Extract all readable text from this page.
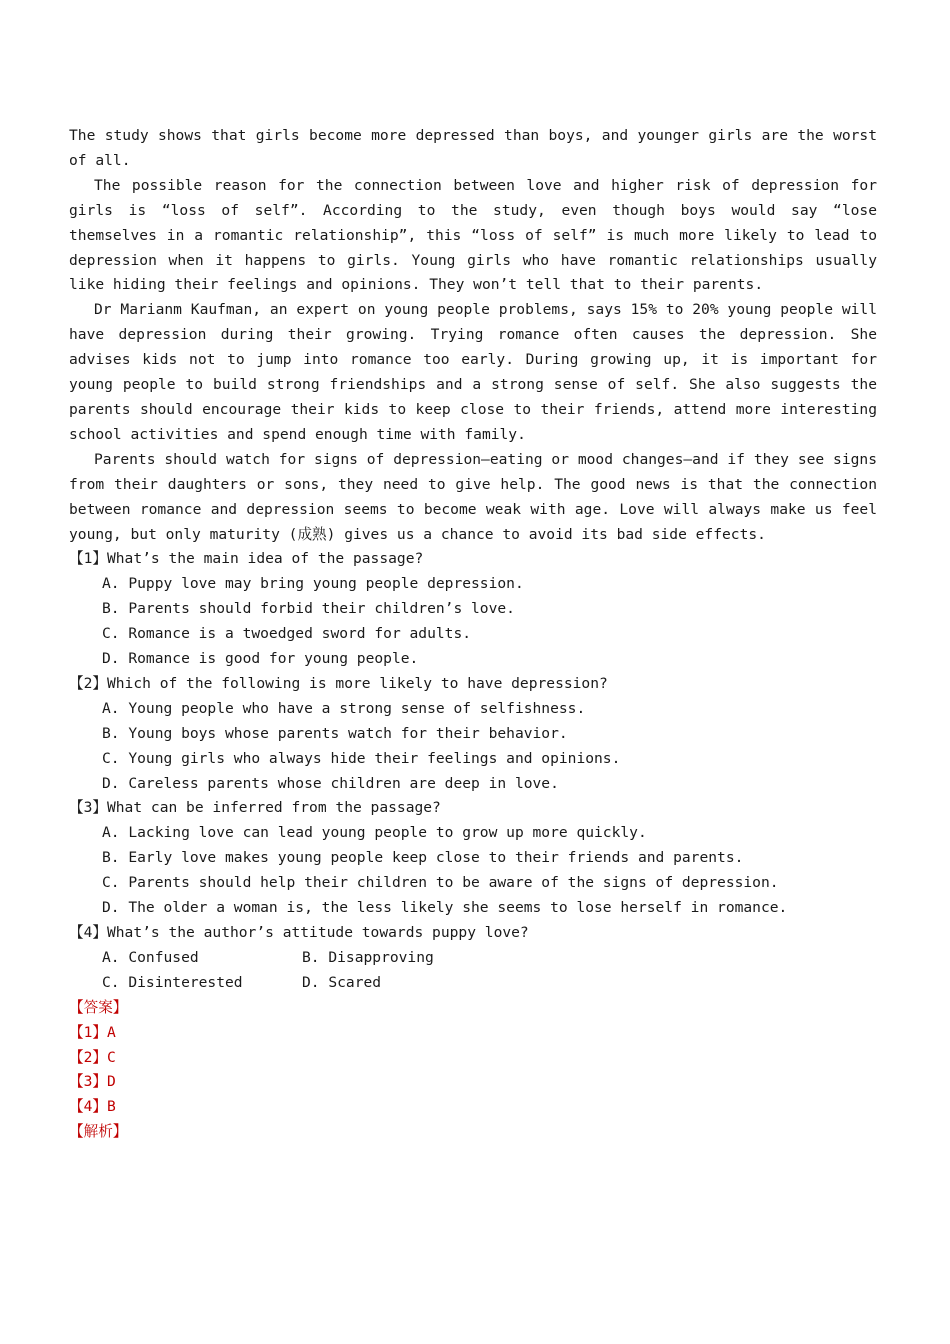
The study shows that girls become more depressed than boys, and younger girls are the worst of all.

The possible reason for the connection between love and higher risk of depression for girls is “loss of self”. According to the study, even though boys would say “lose themselves in a romantic relationship”, this “loss of self” is much more likely to lead to depression when it happens to girls. Young girls who have romantic relationships usually like hiding their feelings and opinions. They won’t tell that to their parents.

Dr Marianm Kaufman, an expert on young people problems, says 15% to 20% young people will have depression during their growing. Trying romance often causes the depression. She advises kids not to jump into romance too early. During growing up, it is important for young people to build strong friendships and a strong sense of self. She also suggests the parents should encourage their kids to keep close to their friends, attend more interesting school activities and spend enough time with family.

Parents should watch for signs of depression—eating or mood changes—and if they see signs from their daughters or sons, they need to give help. The good news is that the connection between romance and depression seems to become weak with age. Love will always make us feel young, but only maturity (成熟) gives us a chance to avoid its bad side effects.

【1】What’s the main idea of the passage?

A. Puppy love may bring young people depression.

B. Parents should forbid their children’s love.

C. Romance is a twoedged sword for adults.

D. Romance is good for young people.

【2】Which of the following is more likely to have depression?

A. Young people who have a strong sense of selfishness.

B. Young boys whose parents watch for their behavior.

C. Young girls who always hide their feelings and opinions.

D. Careless parents whose children are deep in love.

【3】What can be inferred from the passage?

A. Lacking love can lead young people to grow up more quickly.

B. Early love makes young people keep close to their friends and parents.

C. Parents should help their children to be aware of the signs of depression.

D. The older a woman is, the less likely she seems to lose herself in romance.

【4】What’s the author’s attitude towards puppy love?

A. Confused	B. Disapproving
C. Disinterested	D. Scared

【答案】

【1】A

【2】C

【3】D

【4】B

【解析】
